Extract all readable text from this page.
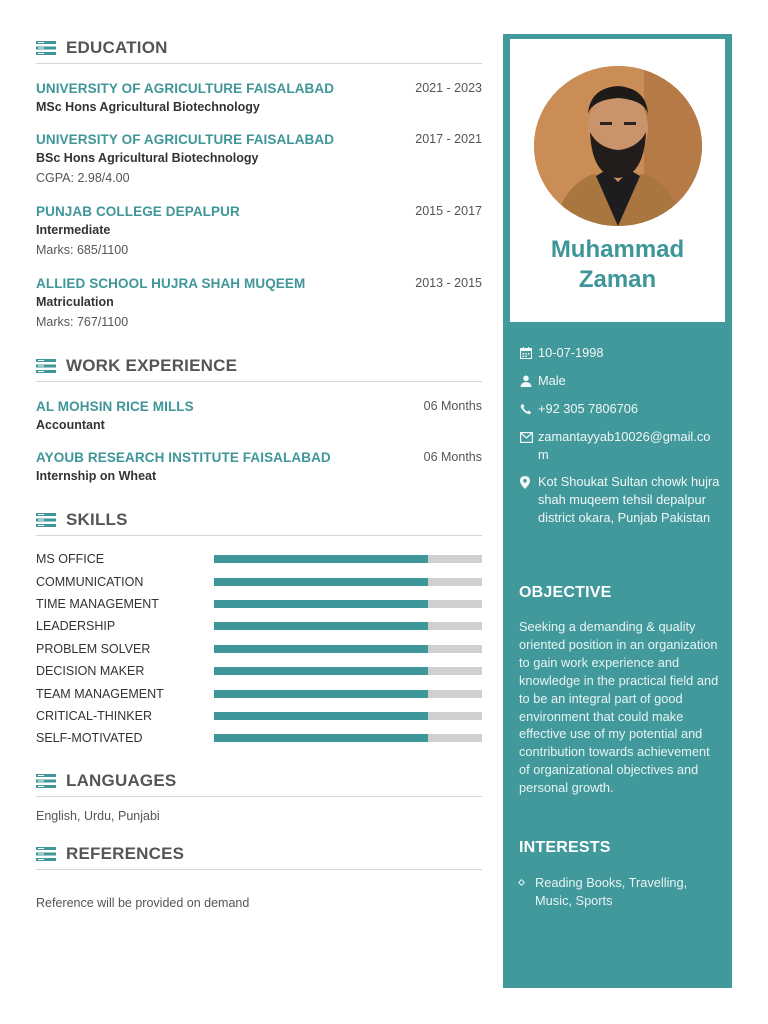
EDUCATION
UNIVERSITY OF AGRICULTURE FAISALABAD	2021 - 2023
MSc Hons Agricultural Biotechnology
UNIVERSITY OF AGRICULTURE FAISALABAD	2017 - 2021
BSc Hons Agricultural Biotechnology
CGPA: 2.98/4.00
PUNJAB COLLEGE DEPALPUR	2015 - 2017
Intermediate
Marks: 685/1100
ALLIED SCHOOL HUJRA SHAH MUQEEM	2013 - 2015
Matriculation
Marks: 767/1100
WORK EXPERIENCE
AL MOHSIN RICE MILLS	06 Months
Accountant
AYOUB RESEARCH INSTITUTE FAISALABAD	06 Months
Internship on Wheat
SKILLS
MS OFFICE
COMMUNICATION
TIME MANAGEMENT
LEADERSHIP
PROBLEM SOLVER
DECISION MAKER
TEAM MANAGEMENT
CRITICAL-THINKER
SELF-MOTIVATED
LANGUAGES
English, Urdu, Punjabi
REFERENCES
Reference will be provided on demand
Muhammad
Zaman
10-07-1998
Male
+92 305 7806706
zamantayyab10026@gmail.com
Kot Shoukat Sultan chowk hujra shah muqeem tehsil depalpur district okara, Punjab Pakistan
OBJECTIVE
Seeking a demanding & quality oriented position in an organization to gain work experience and knowledge in the practical field and to be an integral part of good environment that could make effective use of my potential and contribution towards achievement of organizational objectives and personal growth.
INTERESTS
Reading Books, Travelling, Music, Sports
